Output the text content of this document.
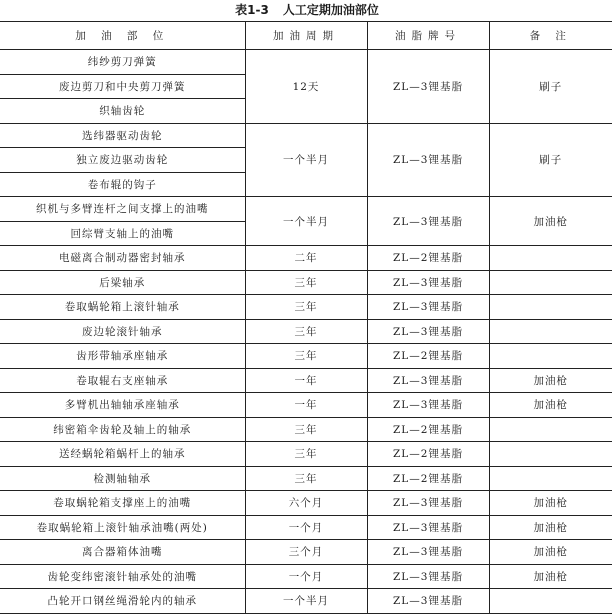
表1-3 人工定期加油部位
加 油 部 位	加油周期	油脂牌号	备 注
纬纱剪刀弹簧	12天	ZL—3锂基脂	刷子
废边剪刀和中央剪刀弹簧			
织轴齿轮			
选纬器驱动齿轮	一个半月	ZL—3锂基脂	刷子
独立废边驱动齿轮			
卷布辊的钩子			
织机与多臂连杆之间支撑上的油嘴	一个半月	ZL—3锂基脂	加油枪
回综臂支轴上的油嘴			
电磁离合制动器密封轴承	二年	ZL—2锂基脂	
后梁轴承	三年	ZL—3锂基脂	
卷取蜗轮箱上滚针轴承	三年	ZL—3锂基脂	
废边轮滚针轴承	三年	ZL—3锂基脂	
齿形带轴承座轴承	三年	ZL—2锂基脂	
卷取辊右支座轴承	一年	ZL—3锂基脂	加油枪
多臂机出轴轴承座轴承	一年	ZL—3锂基脂	加油枪
纬密箱伞齿轮及轴上的轴承	三年	ZL—2锂基脂	
送经蜗轮箱蜗杆上的轴承	三年	ZL—2锂基脂	
检测轴轴承	三年	ZL—2锂基脂	
卷取蜗轮箱支撑座上的油嘴	六个月	ZL—3锂基脂	加油枪
卷取蜗轮箱上滚针轴承油嘴(两处)	一个月	ZL—3锂基脂	加油枪
离合器箱体油嘴	三个月	ZL—3锂基脂	加油枪
齿轮变纬密滚针轴承处的油嘴	一个月	ZL—3锂基脂	加油枪
凸轮开口钢丝绳滑轮内的轴承	一个半月	ZL—3锂基脂	
